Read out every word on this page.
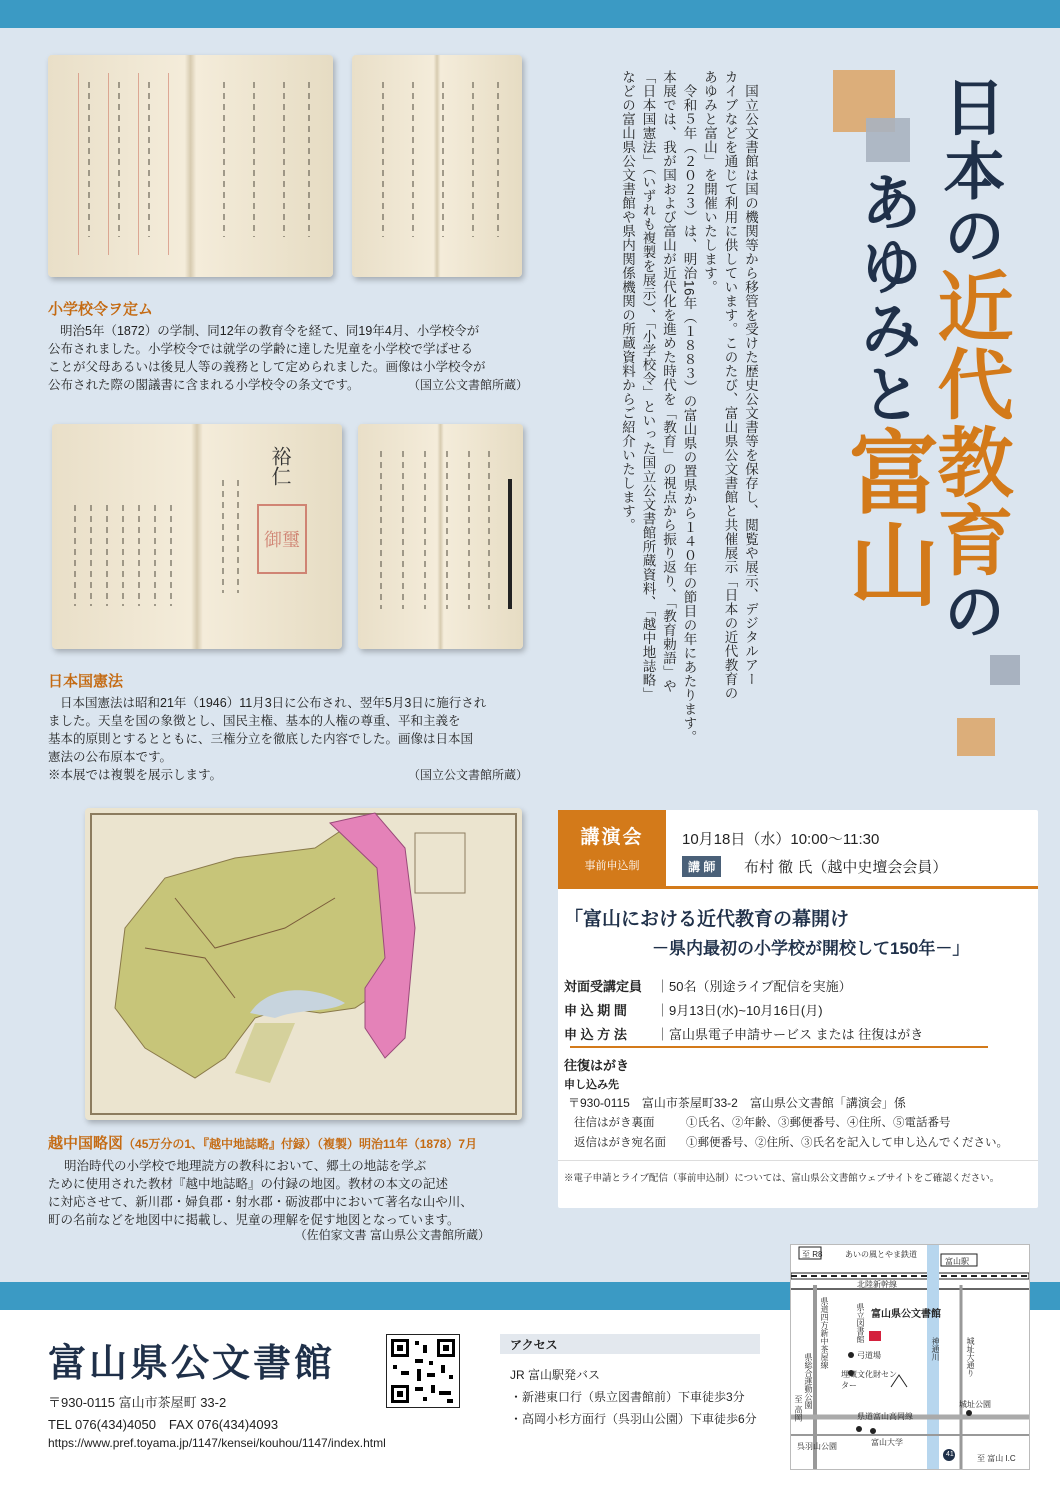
小学校令ヲ定ム
明治5年（1872）の学制、同12年の教育令を経て、同19年4月、小学校令が
公布されました。小学校令では就学の学齢に達した児童を小学校で学ばせる
ことが父母あるいは後見人等の義務として定められました。画像は小学校令が
公布された際の閣議書に含まれる小学校令の条文です。	（国立公文書館所蔵）
御璽
裕仁
日本国憲法
日本国憲法は昭和21年（1946）11月3日に公布され、翌年5月3日に施行され
ました。天皇を国の象徴とし、国民主権、基本的人権の尊重、平和主義を
基本的原則とするとともに、三権分立を徹底した内容でした。画像は日本国
憲法の公布原本です。
※本展では複製を展示します。	（国立公文書館所蔵）
越中国略図（45万分の1、『越中地誌略』付録）（複製）明治11年（1878）7月
明治時代の小学校で地理読方の教科において、郷土の地誌を学ぶ
ために使用された教材『越中地誌略』の付録の地図。教材の本文の記述
に対応させて、新川郡・婦負郡・射水郡・砺波郡中において著名な山や川、
町の名前などを地図中に掲載し、児童の理解を促す地図となっています。
（佐伯家文書 富山県公文書館所蔵）
国立公文書館は国の機関等から移管を受けた歴史公文書等を保存し、閲覧や展示、デジタルアー
カイブなどを通じて利用に供しています。このたび、富山県公文書館と共催展示「日本の近代教育の
あゆみと富山」を開催いたします。
令和５年（２０２３）は、明治16年（１８８３）の富山県の置県から１４０年の節目の年にあたります。
本展では、我が国および富山が近代化を進めた時代を「教育」の視点から振り返り、「教育勅語」や
「日本国憲法」（いずれも複製を展示）、「小学校令」といった国立公文書館所蔵資料、「越中地誌略」
などの富山県公文書館や県内関係機関の所蔵資料からご紹介いたします。	日本の近代教育の
あゆみと富山
講演会
事前申込制
10月18日（水）10:00～11:30
講 師	布村 徹 氏（越中史壇会会員）
「富山における近代教育の幕開け
－県内最初の小学校が開校して150年－」
対面受講定員 ｜50名（別途ライブ配信を実施）
申 込 期 間 ｜9月13日(水)~10月16日(月)
申 込 方 法 ｜富山県電子申請サービス または 往復はがき
往復はがき
申し込み先
〒930-0115　富山市茶屋町33-2　富山県公文書館「講演会」係
往信はがき裏面	①氏名、②年齢、③郵便番号、④住所、⑤電話番号
返信はがき宛名面 ①郵便番号、②住所、③氏名を記入して申し込んでください。
※電子申請とライブ配信（事前申込制）については、富山県公文書館ウェブサイトをご確認ください。
富山県公文書館
〒930-0115 富山市茶屋町 33-2
TEL 076(434)4050　FAX 076(434)4093
https://www.pref.toyama.jp/1147/kensei/kouhou/1147/index.html
アクセス
JR 富山駅発バス
・新港東口行（県立図書館前）下車徒歩3分
・高岡小杉方面行（呉羽山公園）下車徒歩6分
至 R8	あいの風とやま鉄道
富山駅
北陸新幹線
県道四方新中茶屋線	県立図書館 富山県公文書館
弓道場
埋蔵文化財センター
神通川	城址大通り
城址公園
県総合運動公園
至 高岡	県道富山高岡線
呉羽山公園	富山大学
41	至 富山 I.C
